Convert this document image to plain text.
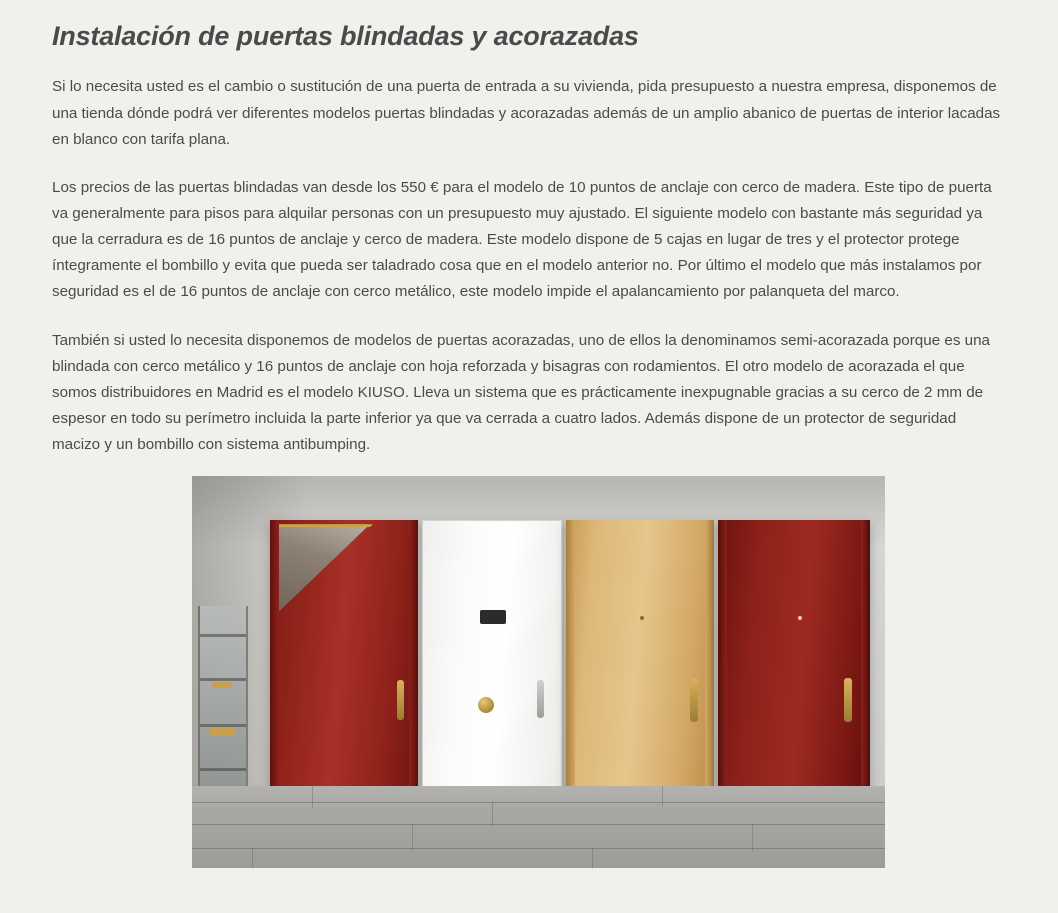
Instalación de puertas blindadas y acorazadas

Si lo necesita usted es el cambio o sustitución de una puerta de entrada a su vivienda, pida presupuesto a nuestra empresa, disponemos de una tienda dónde podrá ver diferentes modelos puertas blindadas y acorazadas además de un amplio abanico de puertas de interior lacadas en blanco con tarifa plana.

Los precios de las puertas blindadas van desde los 550 € para el modelo de 10 puntos de anclaje con cerco de madera. Este tipo de puerta va generalmente para pisos para alquilar personas con un presupuesto muy ajustado. El siguiente modelo con bastante más seguridad ya que la cerradura es de 16 puntos de anclaje y cerco de madera. Este modelo dispone de 5 cajas en lugar de tres y el protector protege íntegramente el bombillo y evita que pueda ser taladrado cosa que en el modelo anterior no. Por último el modelo que más instalamos por seguridad es el de 16 puntos de anclaje con cerco metálico, este modelo impide el apalancamiento por palanqueta del marco.

También si usted lo necesita disponemos de modelos de puertas acorazadas, uno de ellos la denominamos semi-acorazada porque es una blindada con cerco metálico y 16 puntos de anclaje con hoja reforzada y bisagras con rodamientos. El otro modelo de acorazada el que somos distribuidores en Madrid es el modelo KIUSO. Lleva un sistema que es prácticamente inexpugnable gracias a su cerco de 2 mm de espesor en todo su perímetro incluida la parte inferior ya que va cerrada a cuatro lados. Además dispone de un protector de seguridad macizo y un bombillo con sistema antibumping.
